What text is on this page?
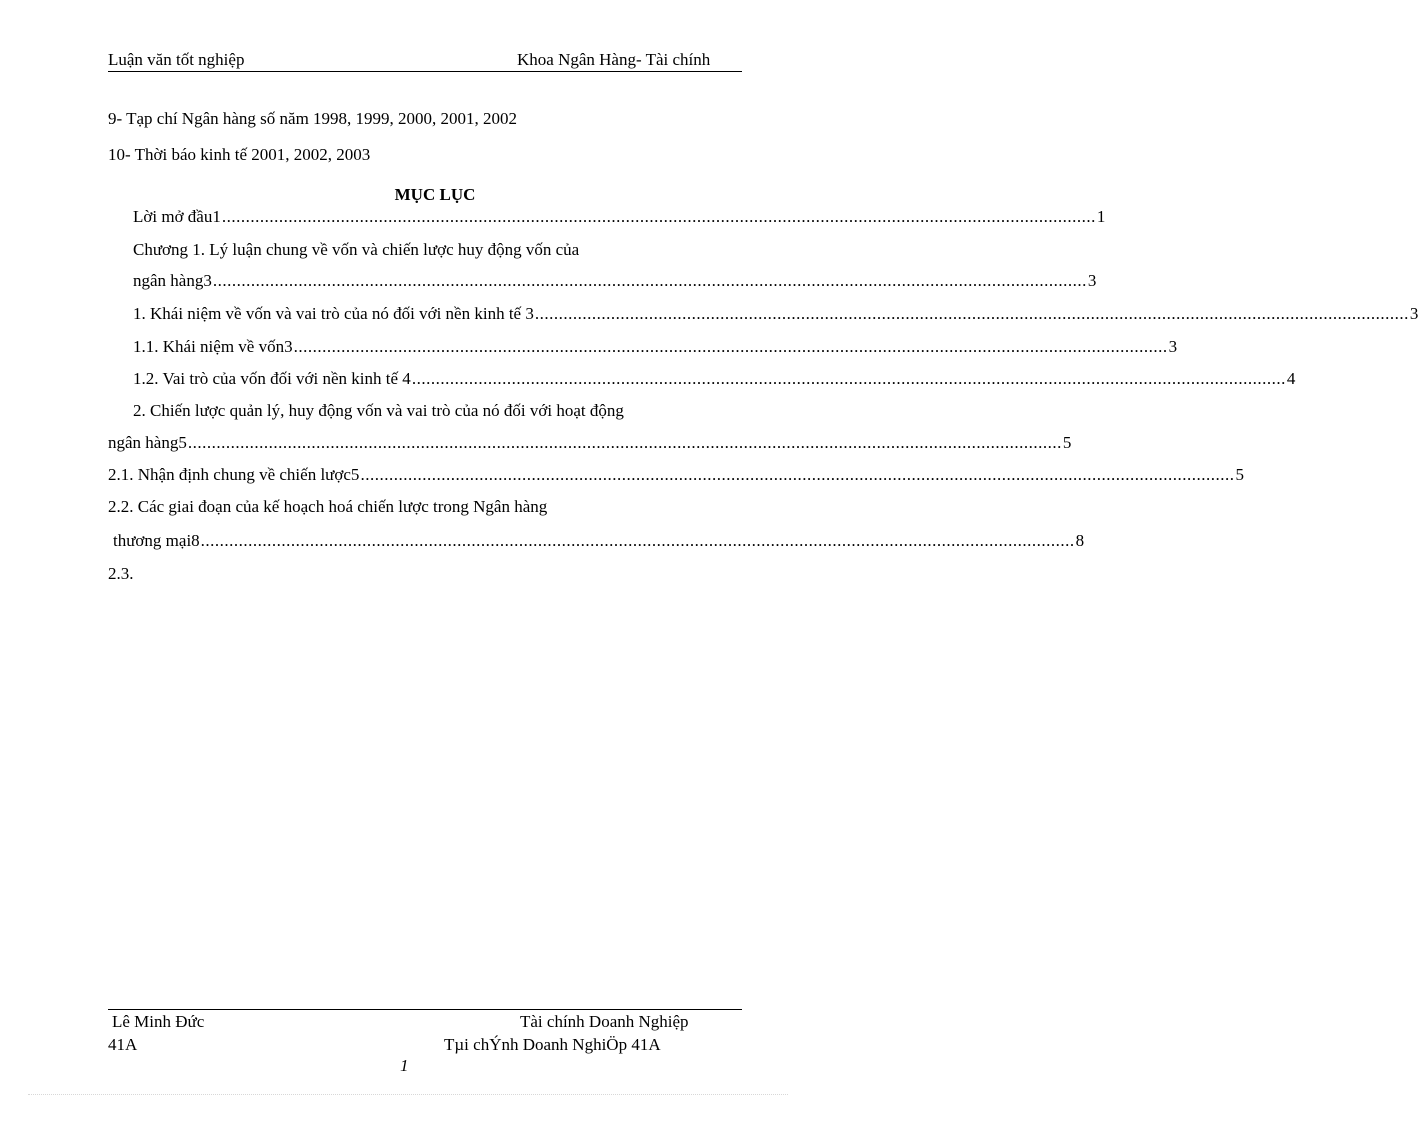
Luận văn tốt nghiệp	Khoa Ngân Hàng- Tài chính
9- Tạp chí Ngân hàng số năm 1998, 1999, 2000, 2001, 2002
10- Thời báo kinh tế 2001, 2002, 2003
MỤC LỤC
Lời mở đầu1 ........................................................................................................................................................................................ 1
Chương 1. Lý luận chung về vốn và chiến lược huy động vốn của
ngân hàng3 ........................................................................................................................................................................................ 3
1. Khái niệm về vốn và vai trò của nó đối với nền kinh tế 3 ........................................................................................................................................................................................ 3
1.1. Khái niệm về vốn3 ........................................................................................................................................................................................ 3
1.2. Vai trò của vốn đối với nền kinh tế 4 ........................................................................................................................................................................................ 4
2. Chiến lược quản lý, huy động vốn và vai trò của nó đối với hoạt động
ngân hàng5 ........................................................................................................................................................................................ 5
2.1. Nhận định chung về chiến lược5 ........................................................................................................................................................................................ 5
2.2. Các giai đoạn của kế hoạch hoá chiến lược trong Ngân hàng
thương mại8 ........................................................................................................................................................................................ 8
2.3.
Lê Minh Đức	Tài chính Doanh Nghiệp
41A	Tµi chÝnh Doanh NghiÖp 41A
1
